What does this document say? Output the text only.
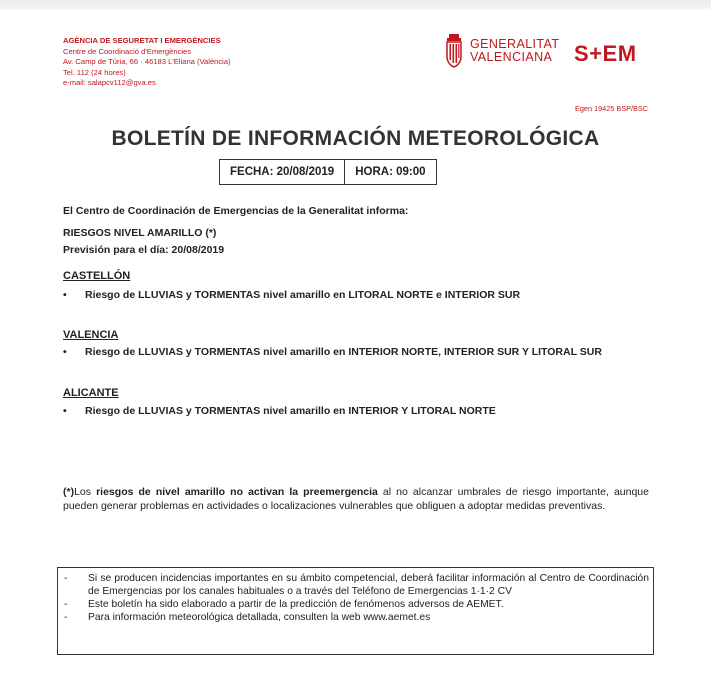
AGÈNCIA DE SEGURETAT I EMERGÈNCIES
Centre de Coordinació d'Emergències
Av. Camp de Túria, 66 · 46183 L'Eliana (València)
Tel. 112 (24 hores)
e-mail: salapcv112@gva.es
GENERALITAT
VALENCIANA S+EM
Egen 19425 BSP/BSC
BOLETÍN DE INFORMACIÓN METEOROLÓGICA
FECHA: 20/08/2019	HORA: 09:00
El Centro de Coordinación de Emergencias de la Generalitat informa:
RIESGOS NIVEL AMARILLO (*)
Previsión para el día: 20/08/2019
CASTELLÓN
•	Riesgo de LLUVIAS y TORMENTAS nivel amarillo en LITORAL NORTE e INTERIOR SUR
VALENCIA
•	Riesgo de LLUVIAS y TORMENTAS nivel amarillo en INTERIOR NORTE, INTERIOR SUR Y LITORAL SUR
ALICANTE
•	Riesgo de LLUVIAS y TORMENTAS nivel amarillo en INTERIOR Y LITORAL NORTE
(*)Los riesgos de nivel amarillo no activan la preemergencia al no alcanzar umbrales de riesgo importante, aunque pueden generar problemas en actividades o localizaciones vulnerables que obliguen a adoptar medidas preventivas.
-	Si se producen incidencias importantes en su ámbito competencial, deberá facilitar información al Centro de Coordinación de Emergencias por los canales habituales o a través del Teléfono de Emergencias 1·1·2 CV
-	Este boletín ha sido elaborado a partir de la predicción de fenómenos adversos de AEMET.
-	Para información meteorológica detallada, consulten la web www.aemet.es
